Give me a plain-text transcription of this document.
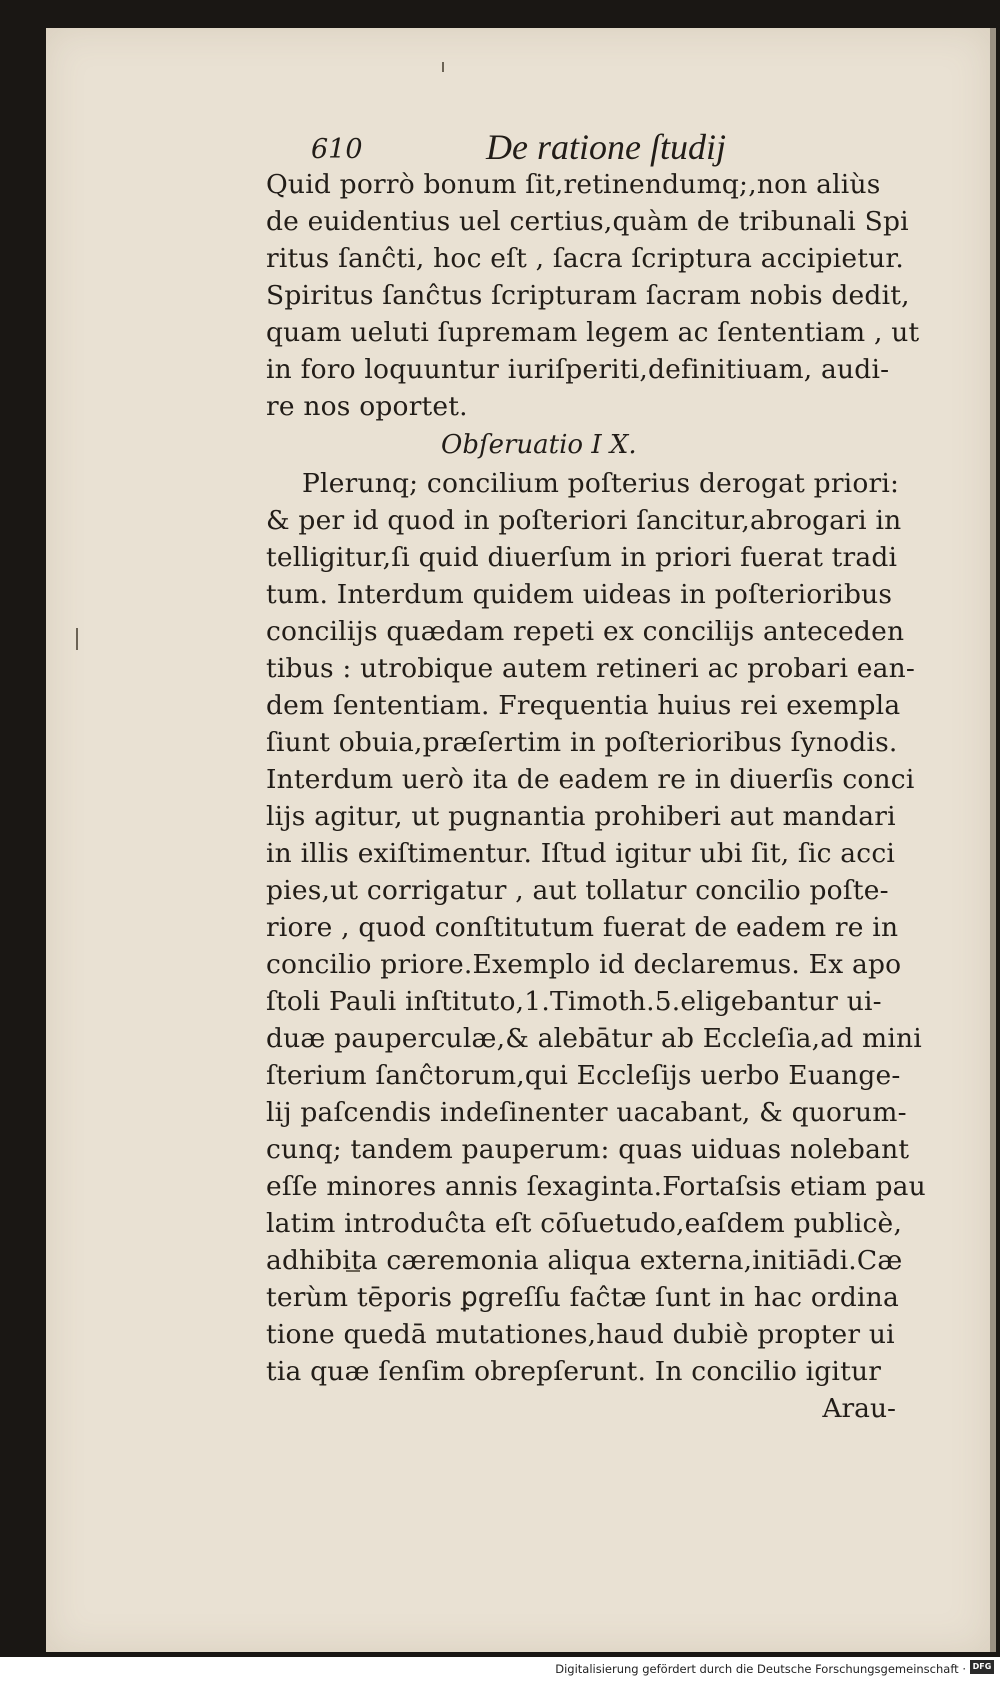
610	De ratione ſtudij
Quid porrò bonum ſit,retinendumq;,non aliùs
de euidentius uel certius,quàm de tribunali Spi
ritus ſanĉti, hoc eſt , ſacra ſcriptura accipietur.
Spiritus ſanĉtus ſcripturam ſacram nobis dedit,
quam ueluti ſupremam legem ac ſententiam , ut
in foro loquuntur iuriſperiti,definitiuam, audi-
re nos oportet.
Obſeruatio I X.
Plerunq; concilium poſterius derogat priori:
& per id quod in poſteriori ſancitur,abrogari in
telligitur,ſi quid diuerſum in priori fuerat tradi
tum. Interdum quidem uideas in poſterioribus
concilijs quædam repeti ex concilijs anteceden
tibus : utrobique autem retineri ac probari ean-
dem ſententiam. Frequentia huius rei exempla
ſiunt obuia,præſertim in poſterioribus ſynodis.
Interdum uerò ita de eadem re in diuerſis conci
lijs agitur, ut pugnantia prohiberi aut mandari
in illis exiſtimentur. Iſtud igitur ubi ſit, ſic acci
pies,ut corrigatur , aut tollatur concilio poſte-
riore , quod conſtitutum fuerat de eadem re in
concilio priore.Exemplo id declaremus. Ex apo
ſtoli Pauli inſtituto,1.Timoth.5.eligebantur ui-
duæ pauperculæ,& alebātur ab Eccleſia,ad mini
ſterium ſanĉtorum,qui Eccleſijs uerbo Euange-
lij paſcendis indeſinenter uacabant, & quorum-
cunq; tandem pauperum: quas uiduas nolebant
eſſe minores annis ſexaginta.Fortaſsis etiam pau
latim introduĉta eſt cōſuetudo,eaſdem publicè,
adhibita cæremonia aliqua externa,initiādi.Cæ
terùm tēporis ꝑgreſſu faĉtæ ſunt in hac ordina
tione quedā mutationes,haud dubiè propter ui
tia quæ ſenſim obrepſerunt. In concilio igitur
Arau-
Digitalisierung gefördert durch die Deutsche Forschungsgemeinschaft · DFG
